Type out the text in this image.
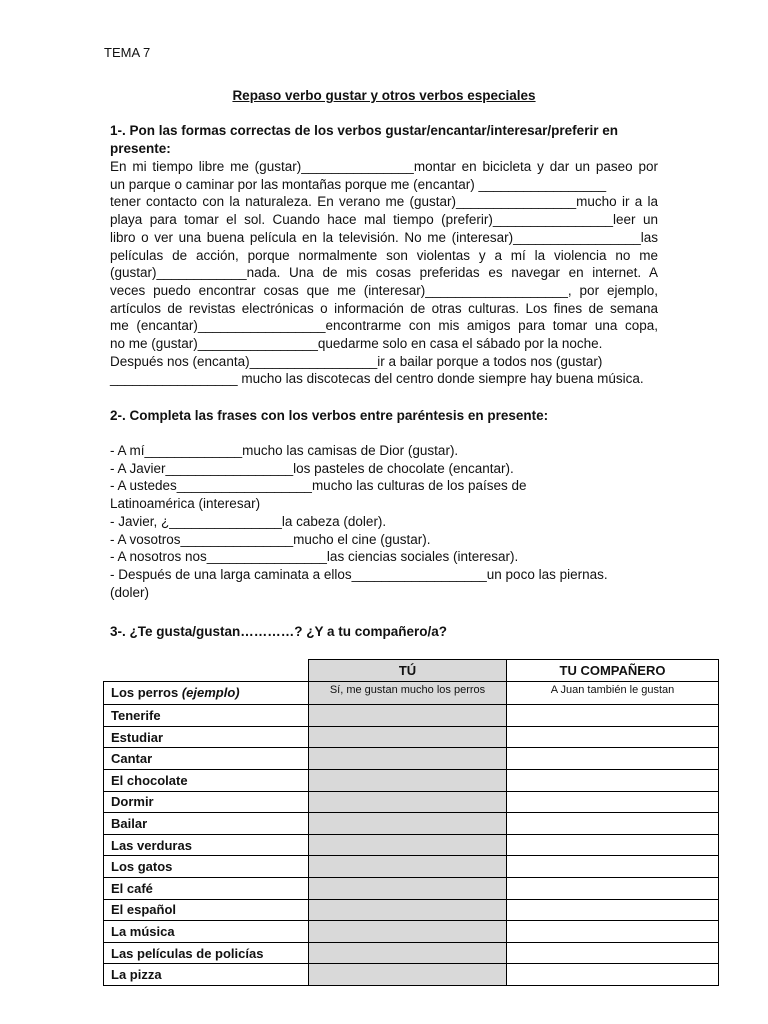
TEMA 7
Repaso verbo gustar y otros verbos especiales
1-. Pon las formas correctas de los verbos gustar/encantar/interesar/preferir en
presente:

En mi tiempo libre me (gustar)_______________montar en bicicleta y dar un paseo por

un parque o caminar por las montañas porque me (encantar) _________________

tener contacto con la naturaleza. En verano me (gustar)________________mucho ir a la

playa para tomar el sol. Cuando hace mal tiempo (preferir)________________leer un

libro o ver una buena película en la televisión. No me (interesar)_________________las

películas de acción, porque normalmente son violentas y a mí la violencia no me

(gustar)____________nada. Una de mis cosas preferidas es navegar en internet. A

veces puedo encontrar cosas que me (interesar)___________________, por ejemplo,

artículos de revistas electrónicas o información de otras culturas. Los fines de semana

me (encantar)_________________encontrarme con mis amigos para tomar una copa,

no me (gustar)________________quedarme solo en casa el sábado por la noche.

Después nos (encanta)_________________ir a bailar porque a todos nos (gustar)

_________________ mucho las discotecas del centro donde siempre hay buena música.

2-. Completa las frases con los verbos entre paréntesis en presente:
- A mí_____________mucho las camisas de Dior (gustar).
- A Javier_________________los pasteles de chocolate (encantar).
- A ustedes__________________mucho las culturas de los países de
Latinoamérica (interesar)
- Javier, ¿_______________la cabeza (doler).
- A vosotros_______________mucho el cine (gustar).
- A nosotros nos________________las ciencias sociales (interesar).
- Después de una larga caminata a ellos__________________un poco las piernas.
(doler)
3-. ¿Te gusta/gustan…………? ¿Y a tu compañero/a?
	TÚ	TU COMPAÑERO
Los perros (ejemplo)	Sí, me gustan mucho los perros	A Juan también le gustan
Tenerife		
Estudiar		
Cantar		
El chocolate		
Dormir		
Bailar		
Las verduras		
Los gatos		
El café		
El español		
La música		
Las películas de policías		
La pizza		
